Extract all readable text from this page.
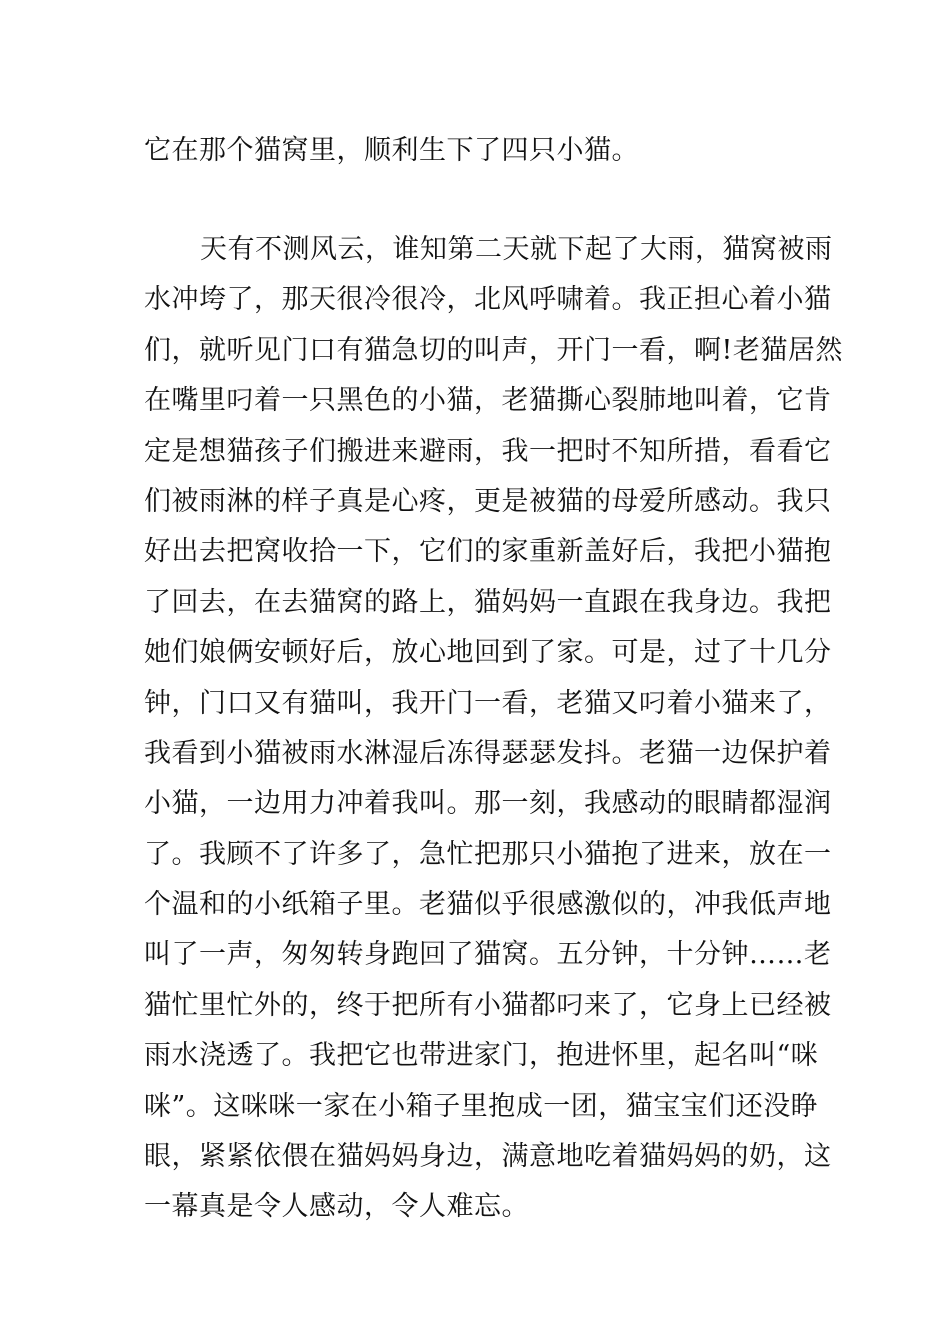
它在那个猫窝里，顺利生下了四只小猫。
天有不测风云，谁知第二天就下起了大雨，猫窝被雨
水冲垮了，那天很冷很冷，北风呼啸着。我正担心着小猫
们，就听见门口有猫急切的叫声，开门一看，啊!老猫居然
在嘴里叼着一只黑色的小猫，老猫撕心裂肺地叫着，它肯
定是想猫孩子们搬进来避雨，我一把时不知所措，看看它
们被雨淋的样子真是心疼，更是被猫的母爱所感动。我只
好出去把窝收拾一下，它们的家重新盖好后，我把小猫抱
了回去，在去猫窝的路上，猫妈妈一直跟在我身边。我把
她们娘俩安顿好后，放心地回到了家。可是，过了十几分
钟，门口又有猫叫，我开门一看，老猫又叼着小猫来了，
我看到小猫被雨水淋湿后冻得瑟瑟发抖。老猫一边保护着
小猫，一边用力冲着我叫。那一刻，我感动的眼睛都湿润
了。我顾不了许多了，急忙把那只小猫抱了进来，放在一
个温和的小纸箱子里。老猫似乎很感激似的，冲我低声地
叫了一声，匆匆转身跑回了猫窝。五分钟，十分钟……老
猫忙里忙外的，终于把所有小猫都叼来了，它身上已经被
雨水浇透了。我把它也带进家门，抱进怀里，起名叫“咪
咪”。这咪咪一家在小箱子里抱成一团，猫宝宝们还没睁
眼，紧紧依偎在猫妈妈身边，满意地吃着猫妈妈的奶，这
一幕真是令人感动，令人难忘。
